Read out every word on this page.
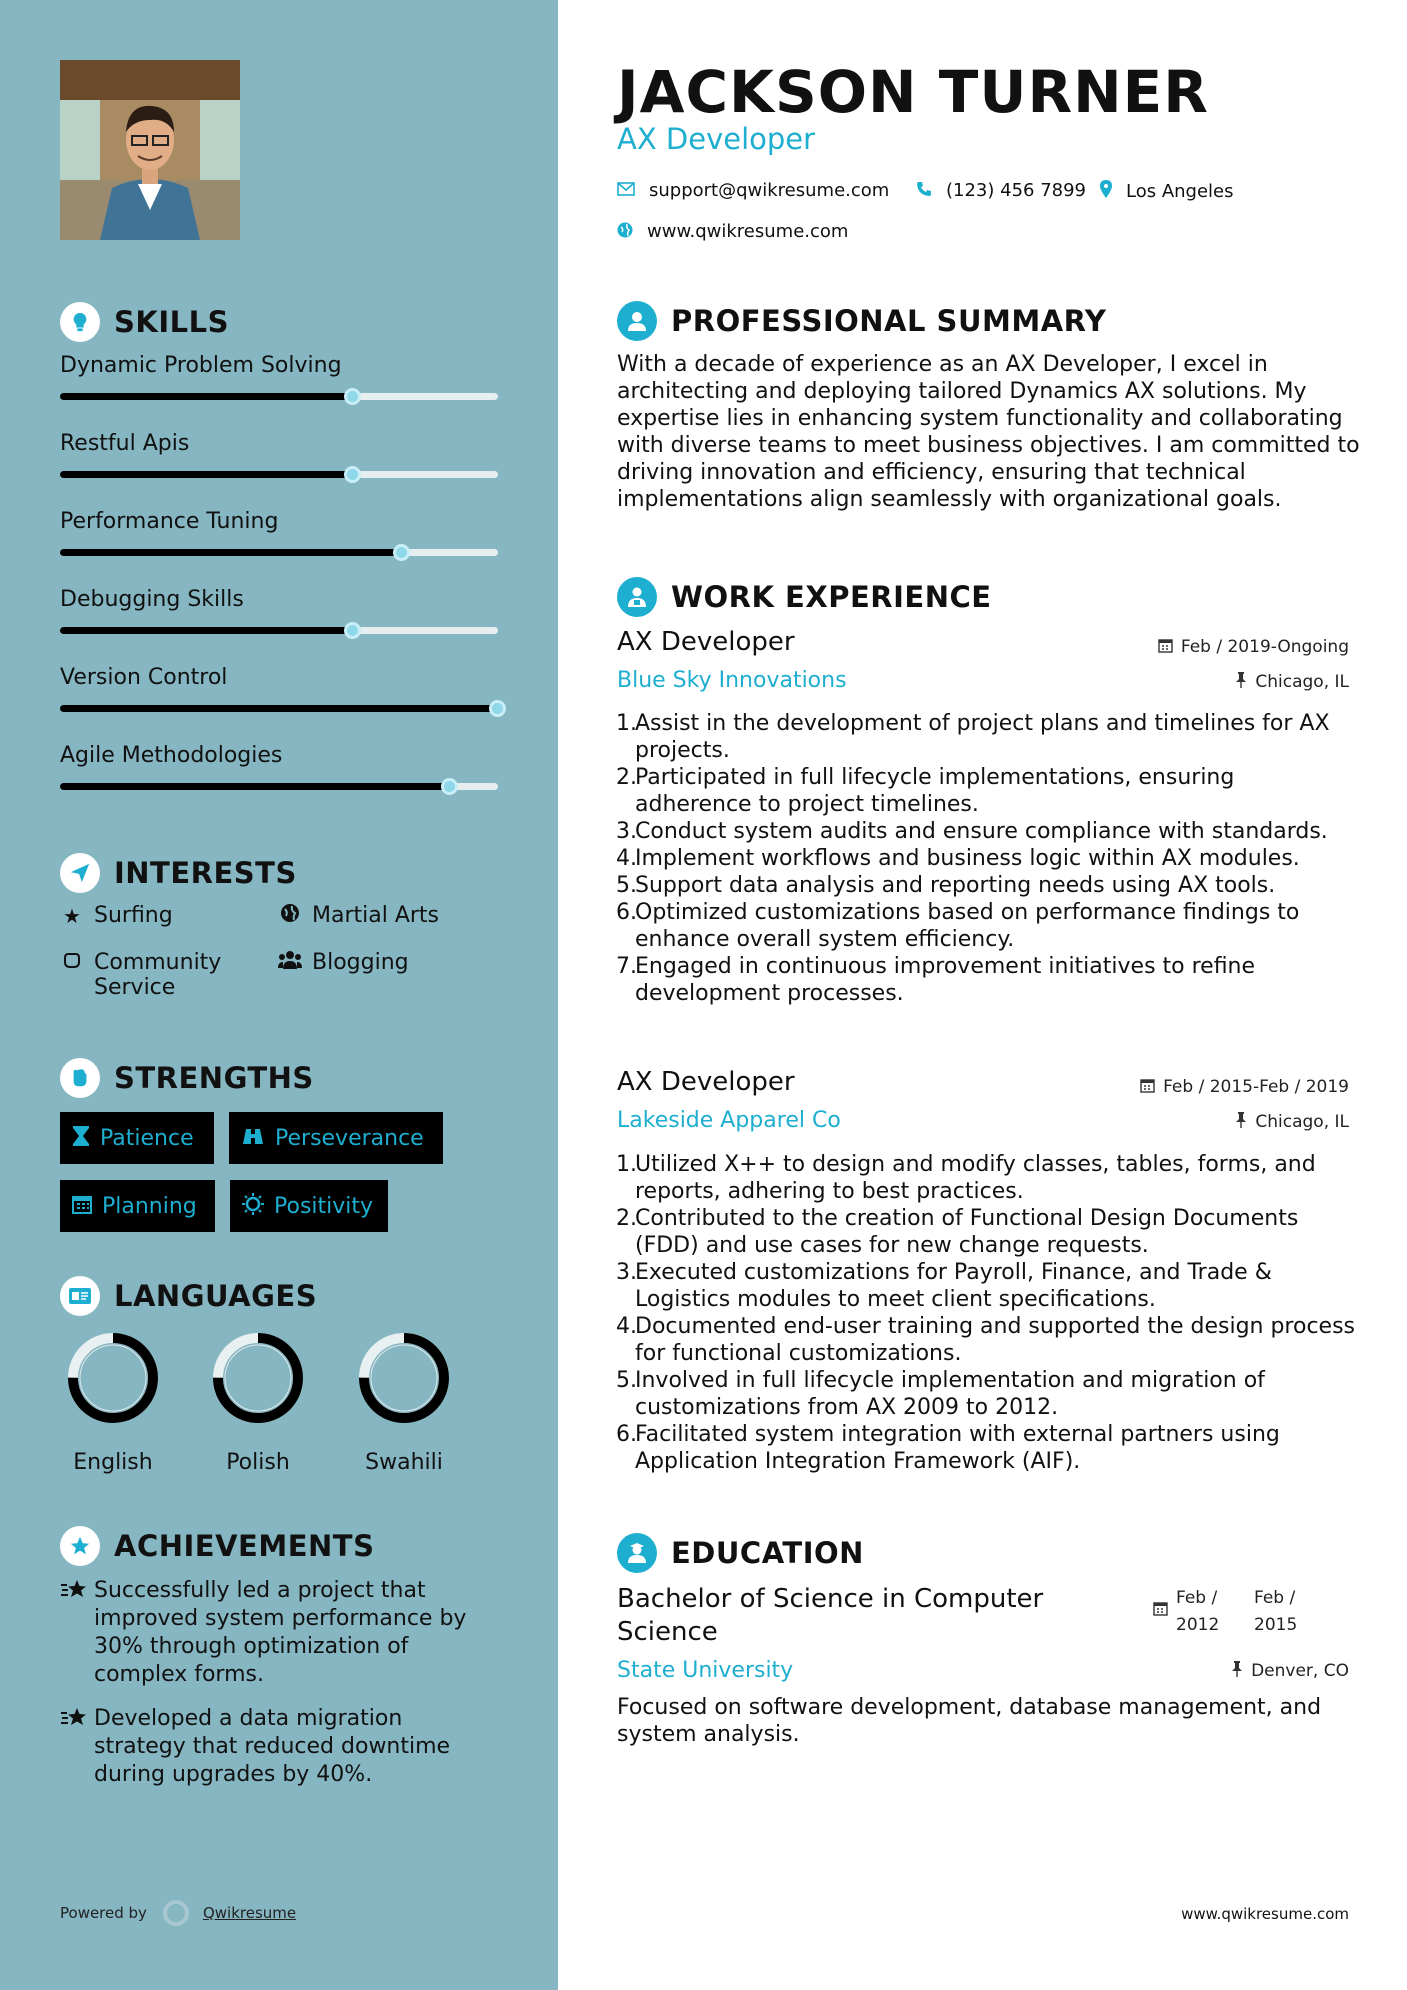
SKILLS
Dynamic Problem Solving
Restful Apis
Performance Tuning
Debugging Skills
Version Control
Agile Methodologies
INTERESTS
★ Surfing	Martial Arts
Community Service
Blogging
STRENGTHS
Patience	Perseverance
Planning	Positivity
LANGUAGES
English	Polish	Swahili
ACHIEVEMENTS
Successfully led a project that improved system performance by 30% through optimization of complex forms.
Developed a data migration strategy that reduced downtime during upgrades by 40%.
Powered by	Qwikresume
JACKSON TURNER
AX Developer
support@qwikresume.com	(123) 456 7899 Los Angeles
www.qwikresume.com
PROFESSIONAL SUMMARY
With a decade of experience as an AX Developer, I excel in architecting and deploying tailored Dynamics AX solutions. My expertise lies in enhancing system functionality and collaborating with diverse teams to meet business objectives. I am committed to driving innovation and efficiency, ensuring that technical implementations align seamlessly with organizational goals.
WORK EXPERIENCE
AX Developer	Feb / 2019-Ongoing
Blue Sky Innovations	Chicago, IL
1.
Assist in the development of project plans and timelines for AX projects.
2.
Participated in full lifecycle implementations, ensuring adherence to project timelines.
3.
Conduct system audits and ensure compliance with standards.
4.
Implement workflows and business logic within AX modules.
5.
Support data analysis and reporting needs using AX tools.
6.
Optimized customizations based on performance findings to enhance overall system efficiency.
7.
Engaged in continuous improvement initiatives to refine development processes.
AX Developer	Feb / 2015-Feb / 2019
Lakeside Apparel Co	Chicago, IL
1.
Utilized X++ to design and modify classes, tables, forms, and reports, adhering to best practices.
2.
Contributed to the creation of Functional Design Documents (FDD) and use cases for new change requests.
3.
Executed customizations for Payroll, Finance, and Trade & Logistics modules to meet client specifications.
4.
Documented end-user training and supported the design process for functional customizations.
5.
Involved in full lifecycle implementation and migration of customizations from AX 2009 to 2012.
6.
Facilitated system integration with external partners using Application Integration Framework (AIF).
EDUCATION
Bachelor of Science in Computer Science
Feb / 2012
Feb / 2015
State University	Denver, CO
Focused on software development, database management, and system analysis.
www.qwikresume.com
